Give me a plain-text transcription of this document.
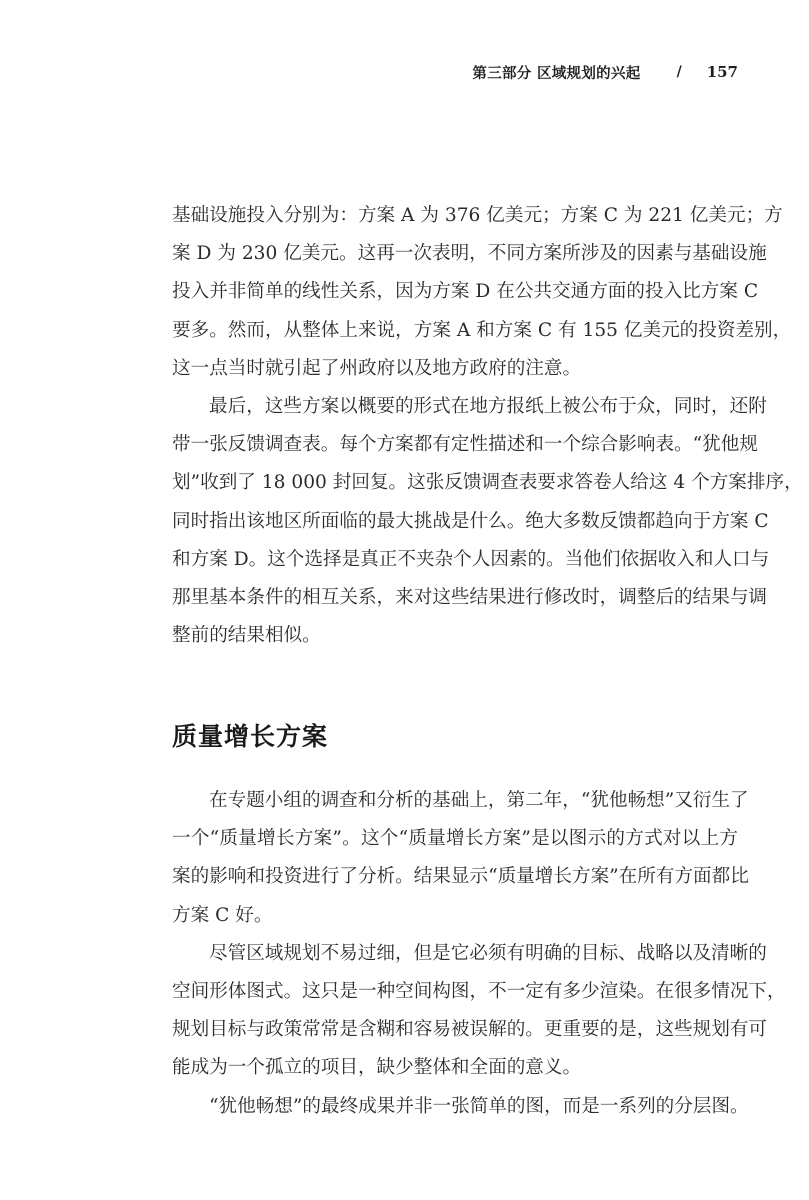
第三部分 区域规划的兴起	/ 157
基础设施投入分别为：方案 A 为 376 亿美元；方案 C 为 221 亿美元；方
案 D 为 230 亿美元。这再一次表明，不同方案所涉及的因素与基础设施
投入并非简单的线性关系，因为方案 D 在公共交通方面的投入比方案 C
要多。然而，从整体上来说，方案 A 和方案 C 有 155 亿美元的投资差别，
这一点当时就引起了州政府以及地方政府的注意。
最后，这些方案以概要的形式在地方报纸上被公布于众，同时，还附
带一张反馈调查表。每个方案都有定性描述和一个综合影响表。“犹他规
划”收到了 18 000 封回复。这张反馈调查表要求答卷人给这 4 个方案排序，
同时指出该地区所面临的最大挑战是什么。绝大多数反馈都趋向于方案 C
和方案 D。这个选择是真正不夹杂个人因素的。当他们依据收入和人口与
那里基本条件的相互关系，来对这些结果进行修改时，调整后的结果与调
整前的结果相似。
质量增长方案
在专题小组的调查和分析的基础上，第二年，“犹他畅想”又衍生了
一个“质量增长方案”。这个“质量增长方案”是以图示的方式对以上方
案的影响和投资进行了分析。结果显示“质量增长方案”在所有方面都比
方案 C 好。
尽管区域规划不易过细，但是它必须有明确的目标、战略以及清晰的
空间形体图式。这只是一种空间构图，不一定有多少渲染。在很多情况下，
规划目标与政策常常是含糊和容易被误解的。更重要的是，这些规划有可
能成为一个孤立的项目，缺少整体和全面的意义。
“犹他畅想”的最终成果并非一张简单的图，而是一系列的分层图。
